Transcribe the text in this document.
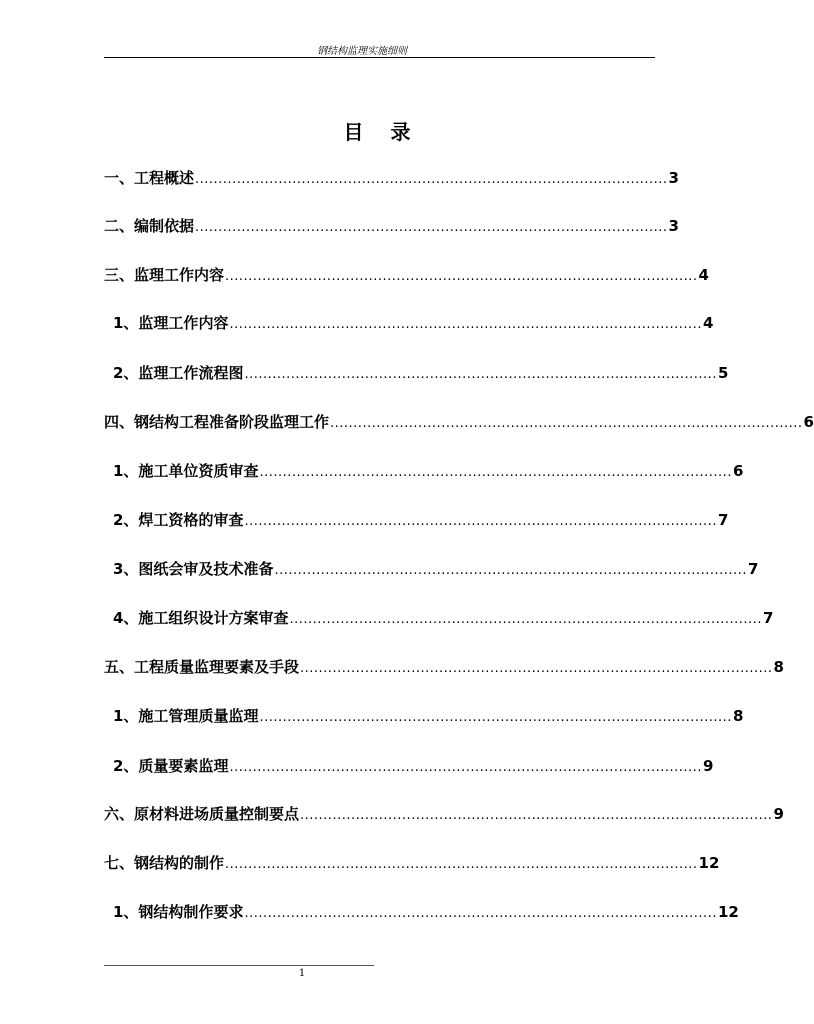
钢结构监理实施细则
目 录
一、工程概述 ...................................................................................................... 3
二、编制依据 ...................................................................................................... 3
三、监理工作内容 ...................................................................................................... 4
1、监理工作内容 ...................................................................................................... 4
2、监理工作流程图 ...................................................................................................... 5
四、钢结构工程准备阶段监理工作 ...................................................................................................... 6
1、施工单位资质审查 ...................................................................................................... 6
2、焊工资格的审查 ...................................................................................................... 7
3、图纸会审及技术准备 ...................................................................................................... 7
4、施工组织设计方案审查 ...................................................................................................... 7
五、工程质量监理要素及手段 ...................................................................................................... 8
1、施工管理质量监理 ...................................................................................................... 8
2、质量要素监理 ...................................................................................................... 9
六、原材料进场质量控制要点 ...................................................................................................... 9
七、钢结构的制作 ...................................................................................................... 12
1、钢结构制作要求 ...................................................................................................... 12
1
